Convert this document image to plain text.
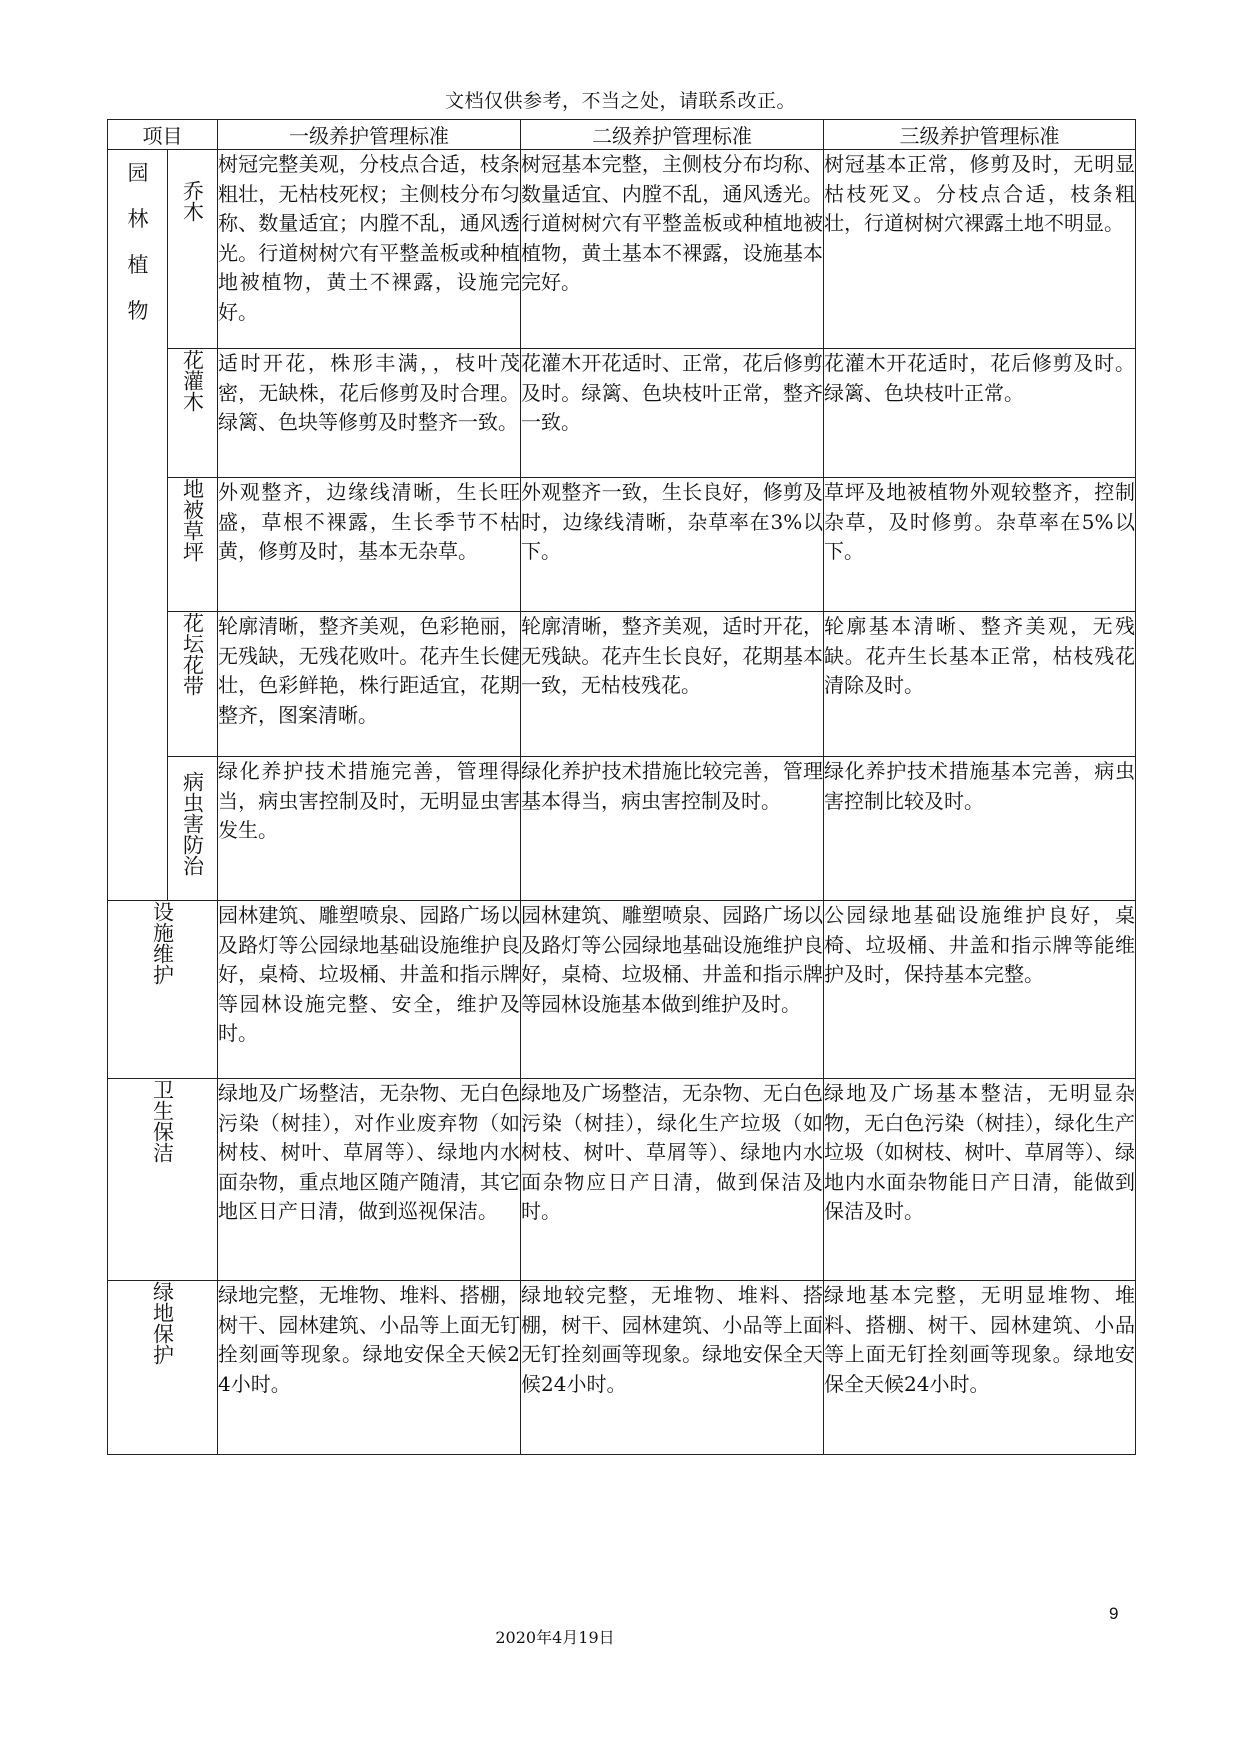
文档仅供参考，不当之处，请联系改正。
项目		一级养护管理标准	二级养护管理标准	三级养护管理标准

园林植物	乔木	树冠完整美观，分枝点合适，枝条粗壮，无枯枝死杈；主侧枝分布匀称、数量适宜；内膛不乱，通风透光。行道树树穴有平整盖板或种植地被植物，黄土不裸露，设施完好。	树冠基本完整，主侧枝分布均称、数量适宜、内膛不乱，通风透光。行道树树穴有平整盖板或种植地被植物，黄土基本不裸露，设施基本完好。	树冠基本正常，修剪及时，无明显枯枝死叉。分枝点合适，枝条粗壮，行道树树穴裸露土地不明显。
	花灌木	适时开花，株形丰满，，枝叶茂密，无缺株，花后修剪及时合理。绿篱、色块等修剪及时整齐一致。	花灌木开花适时、正常，花后修剪及时。绿篱、色块枝叶正常，整齐一致。	花灌木开花适时，花后修剪及时。绿篱、色块枝叶正常。
	地被草坪	外观整齐，边缘线清晰，生长旺盛，草根不裸露，生长季节不枯黄，修剪及时，基本无杂草。	外观整齐一致，生长良好，修剪及时，边缘线清晰，杂草率在3%以下。	草坪及地被植物外观较整齐，控制杂草，及时修剪。杂草率在5%以下。
	花坛花带	轮廓清晰，整齐美观，色彩艳丽，无残缺，无残花败叶。花卉生长健壮，色彩鲜艳，株行距适宜，花期整齐，图案清晰。	轮廓清晰，整齐美观，适时开花，无残缺。花卉生长良好，花期基本一致，无枯枝残花。	轮廓基本清晰、整齐美观，无残缺。花卉生长基本正常，枯枝残花清除及时。
	病虫害防治	绿化养护技术措施完善，管理得当，病虫害控制及时，无明显虫害发生。	绿化养护技术措施比较完善，管理基本得当，病虫害控制及时。	绿化养护技术措施基本完善，病虫害控制比较及时。
设施维护		园林建筑、雕塑喷泉、园路广场以及路灯等公园绿地基础设施维护良好，桌椅、垃圾桶、井盖和指示牌等园林设施完整、安全，维护及时。	园林建筑、雕塑喷泉、园路广场以及路灯等公园绿地基础设施维护良好，桌椅、垃圾桶、井盖和指示牌等园林设施基本做到维护及时。	公园绿地基础设施维护良好，桌椅、垃圾桶、井盖和指示牌等能维护及时，保持基本完整。
卫生保洁		绿地及广场整洁，无杂物、无白色污染（树挂），对作业废弃物（如树枝、树叶、草屑等）、绿地内水面杂物，重点地区随产随清，其它地区日产日清，做到巡视保洁。	绿地及广场整洁，无杂物、无白色污染（树挂），绿化生产垃圾（如树枝、树叶、草屑等）、绿地内水面杂物应日产日清，做到保洁及时。	绿地及广场基本整洁，无明显杂物，无白色污染（树挂），绿化生产垃圾（如树枝、树叶、草屑等）、绿地内水面杂物能日产日清，能做到保洁及时。
绿地保护		绿地完整，无堆物、堆料、搭棚，树干、园林建筑、小品等上面无钉拴刻画等现象。绿地安保全天候24小时。	绿地较完整，无堆物、堆料、搭棚，树干、园林建筑、小品等上面无钉拴刻画等现象。绿地安保全天候24小时。	绿地基本完整，无明显堆物、堆料、搭棚、树干、园林建筑、小品等上面无钉拴刻画等现象。绿地安保全天候24小时。
9
2020年4月19日
